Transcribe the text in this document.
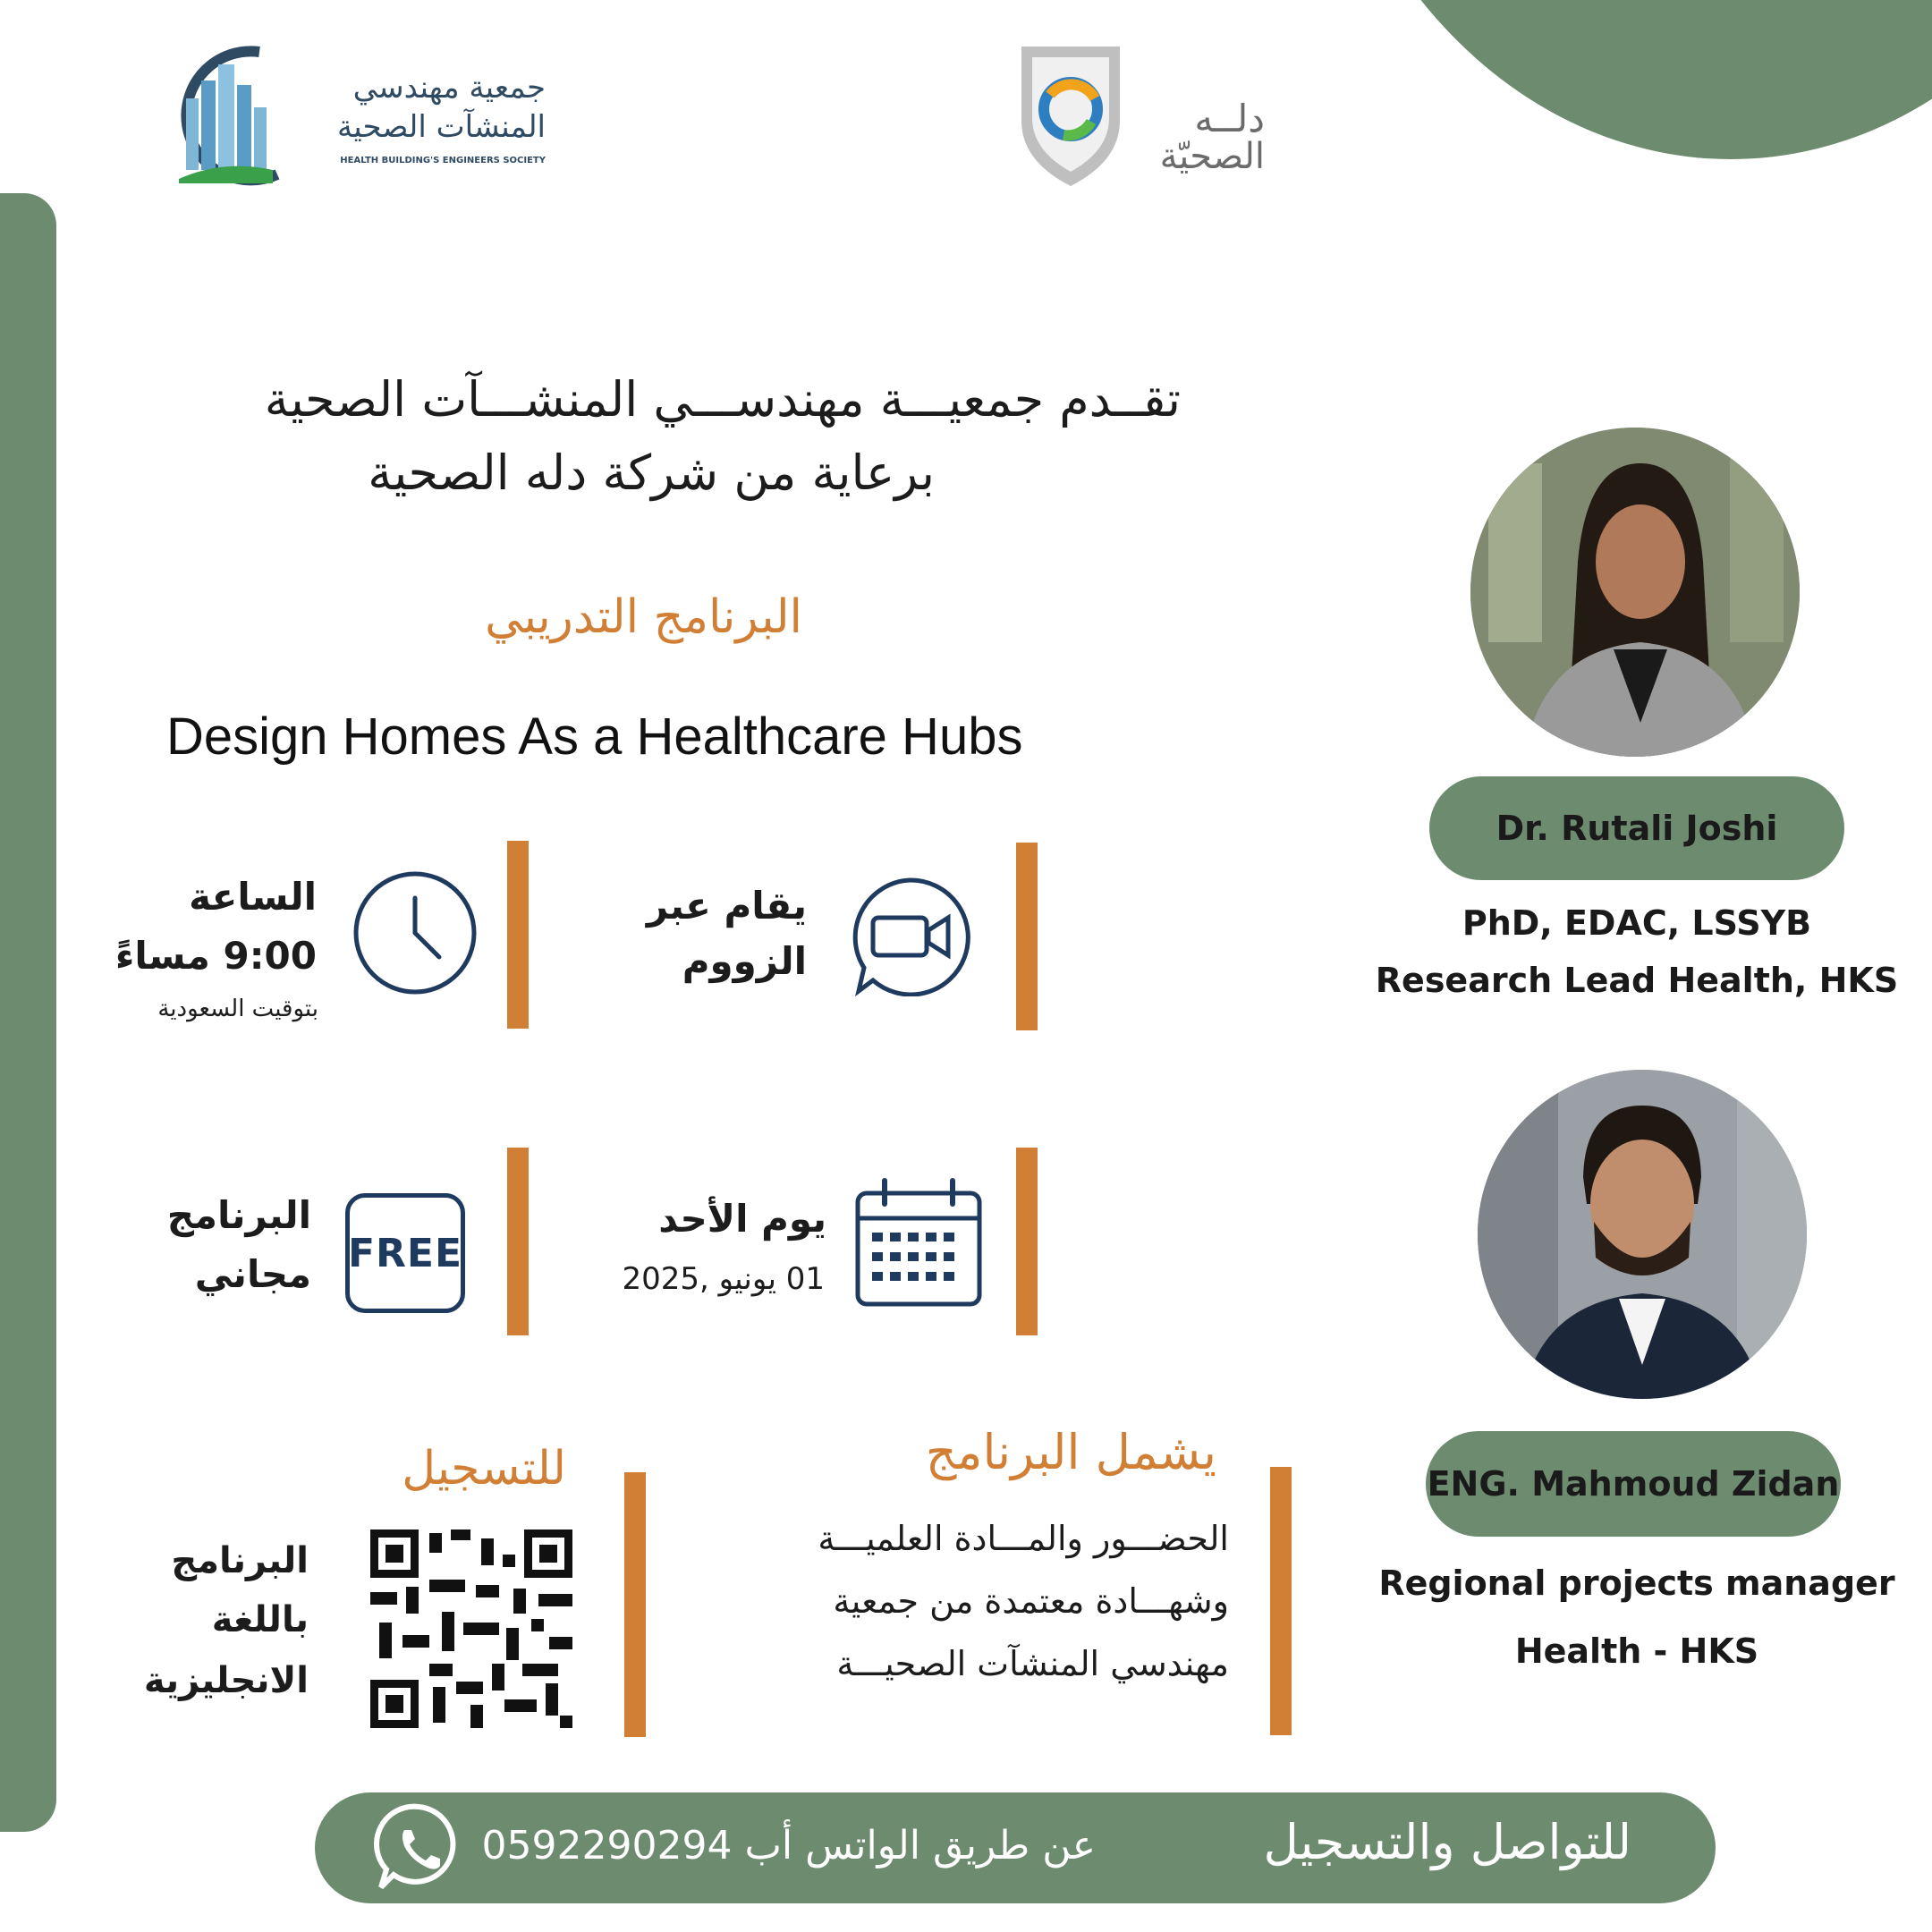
جمعية مهندسي
المنشآت الصحية
HEALTH BUILDING'S ENGINEERS SOCIETY
دلــه
الصحيّة
تقــدم جمعيـــة مهندســـي المنشـــآت الصحية
برعاية من شركة دله الصحية
البرنامج التدريبي
Design Homes As a Healthcare Hubs
الساعة
9:00 مساءً
بتوقيت السعودية
يقام عبر
الزووم
FREE
البرنامج
مجاني
يوم الأحد
01 يونيو ,2025
للتسجيل
البرنامج
باللغة
الانجليزية
يشمل البرنامج
الحضـــور والمـــادة العلميـــة
وشهـــادة معتمدة من جمعية
مهندسي المنشآت الصحيـــة
Dr. Rutali Joshi
PhD, EDAC, LSSYB
Research Lead Health, HKS
ENG. Mahmoud Zidan
Regional projects manager
Health - HKS
عن طريق الواتس أب 0592290294	للتواصل والتسجيل
